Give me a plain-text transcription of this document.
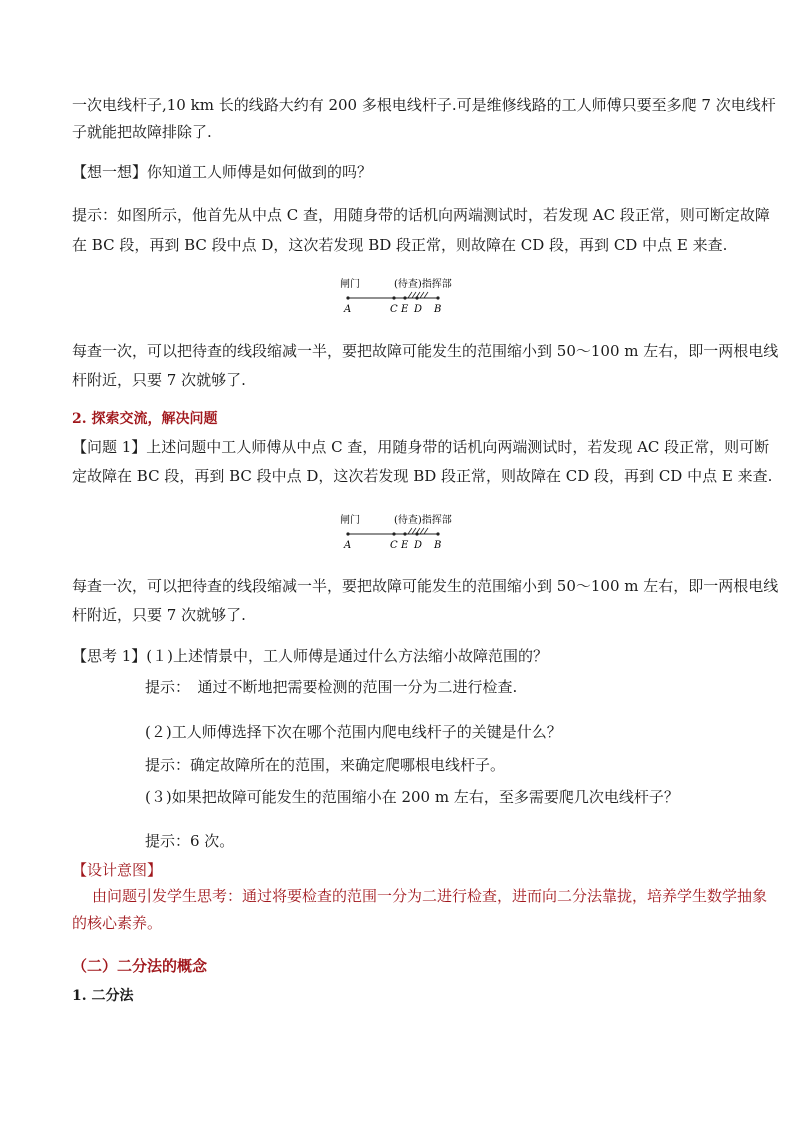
一次电线杆子,10 km 长的线路大约有 200 多根电线杆子.可是维修线路的工人师傅只要至多爬 7 次电线杆
子就能把故障排除了.
【想一想】你知道工人师傅是如何做到的吗？
提示：如图所示，他首先从中点 C 查，用随身带的话机向两端测试时，若发现 AC 段正常，则可断定故障
在 BC 段，再到 BC 段中点 D，这次若发现 BD 段正常，则故障在 CD 段，再到 CD 中点 E 来查.
闸门	(待查)指挥部
A	C E D B
每查一次，可以把待查的线段缩减一半，要把故障可能发生的范围缩小到 50～100 m 左右，即一两根电线
杆附近，只要 7 次就够了.
2. 探索交流，解决问题
【问题 1】上述问题中工人师傅从中点 C 查，用随身带的话机向两端测试时，若发现 AC 段正常，则可断
定故障在 BC 段，再到 BC 段中点 D，这次若发现 BD 段正常，则故障在 CD 段，再到 CD 中点 E 来查.
闸门	(待查)指挥部
A	C E D B
每查一次，可以把待查的线段缩减一半，要把故障可能发生的范围缩小到 50～100 m 左右，即一两根电线
杆附近，只要 7 次就够了.
【思考 1】(１)上述情景中，工人师傅是通过什么方法缩小故障范围的？
提示：　通过不断地把需要检测的范围一分为二进行检查.
(２)工人师傅选择下次在哪个范围内爬电线杆子的关键是什么？
提示：确定故障所在的范围，来确定爬哪根电线杆子。
(３)如果把故障可能发生的范围缩小在 200 m 左右，至多需要爬几次电线杆子？
提示：6 次。
【设计意图】
由问题引发学生思考：通过将要检查的范围一分为二进行检查，进而向二分法靠拢，培养学生数学抽象
的核心素养。
（二）二分法的概念
1. 二分法
